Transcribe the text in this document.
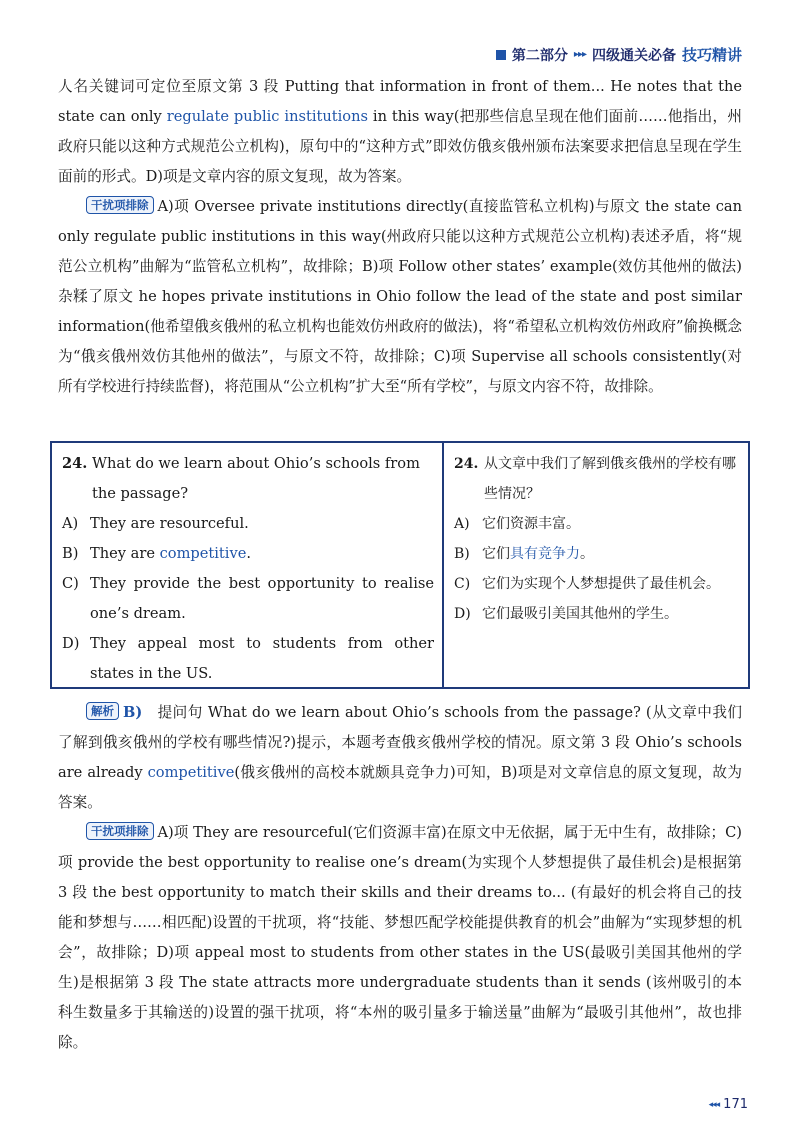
第二部分 ▸▸▸ 四级通关必备 技巧精讲

人名关键词可定位至原文第 3 段 Putting that information in front of them... He notes that the state can only regulate public institutions in this way(把那些信息呈现在他们面前……他指出，州政府只能以这种方式规范公立机构)，原句中的“这种方式”即效仿俄亥俄州颁布法案要求把信息呈现在学生面前的形式。D)项是文章内容的原文复现，故为答案。

干扰项排除 A)项 Oversee private institutions directly(直接监管私立机构)与原文 the state can only regulate public institutions in this way(州政府只能以这种方式规范公立机构)表述矛盾，将“规范公立机构”曲解为“监管私立机构”，故排除；B)项 Follow other states’ example(效仿其他州的做法)杂糅了原文 he hopes private institutions in Ohio follow the lead of the state and post similar information(他希望俄亥俄州的私立机构也能效仿州政府的做法)，将“希望私立机构效仿州政府”偷换概念为“俄亥俄州效仿其他州的做法”，与原文不符，故排除；C)项 Supervise all schools consistently(对所有学校进行持续监督)，将范围从“公立机构”扩大至“所有学校”，与原文内容不符，故排除。

24. What do we learn about Ohio’s schools from the passage?
A) They are resourceful.
B) They are competitive.
C) They provide the best opportunity to realise one’s dream.
D) They appeal most to students from other states in the US.
24. 从文章中我们了解到俄亥俄州的学校有哪些情况？
A) 它们资源丰富。
B) 它们具有竞争力。
C) 它们为实现个人梦想提供了最佳机会。
D) 它们最吸引美国其他州的学生。

解析 B) 提问句 What do we learn about Ohio’s schools from the passage? (从文章中我们了解到俄亥俄州的学校有哪些情况?)提示，本题考查俄亥俄州学校的情况。原文第 3 段 Ohio’s schools are already competitive(俄亥俄州的高校本就颇具竞争力)可知，B)项是对文章信息的原文复现，故为答案。

干扰项排除 A)项 They are resourceful(它们资源丰富)在原文中无依据，属于无中生有，故排除；C)项 provide the best opportunity to realise one’s dream(为实现个人梦想提供了最佳机会)是根据第 3 段 the best opportunity to match their skills and their dreams to... (有最好的机会将自己的技能和梦想与……相匹配)设置的干扰项，将“技能、梦想匹配学校能提供教育的机会”曲解为“实现梦想的机会”，故排除；D)项 appeal most to students from other states in the US(最吸引美国其他州的学生)是根据第 3 段 The state attracts more undergraduate students than it sends (该州吸引的本科生数量多于其输送的)设置的强干扰项，将“本州的吸引量多于输送量”曲解为“最吸引其他州”，故也排除。

◂◂◂ 171
